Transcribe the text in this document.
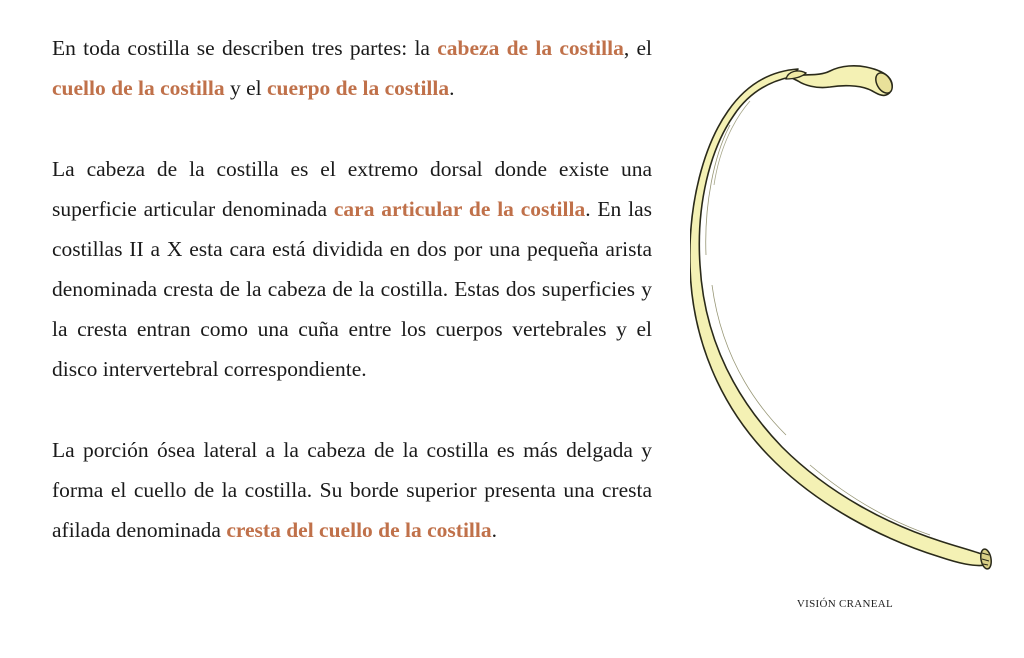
En toda costilla se describen tres partes: la cabeza de la costilla, el cuello de la costilla y el cuerpo de la costilla.

La cabeza de la costilla es el extremo dorsal donde existe una superficie articular denominada cara articular de la costilla. En las costillas II a X esta cara está dividida en dos por una pequeña arista denominada cresta de la cabeza de la costilla. Estas dos superficies y la cresta entran como una cuña entre los cuerpos vertebrales y el disco intervertebral correspondiente.

La porción ósea lateral a la cabeza de la costilla es más delgada y forma el cuello de la costilla. Su borde superior presenta una cresta afilada denominada cresta del cuello de la costilla.

VISIÓN CRANEAL
